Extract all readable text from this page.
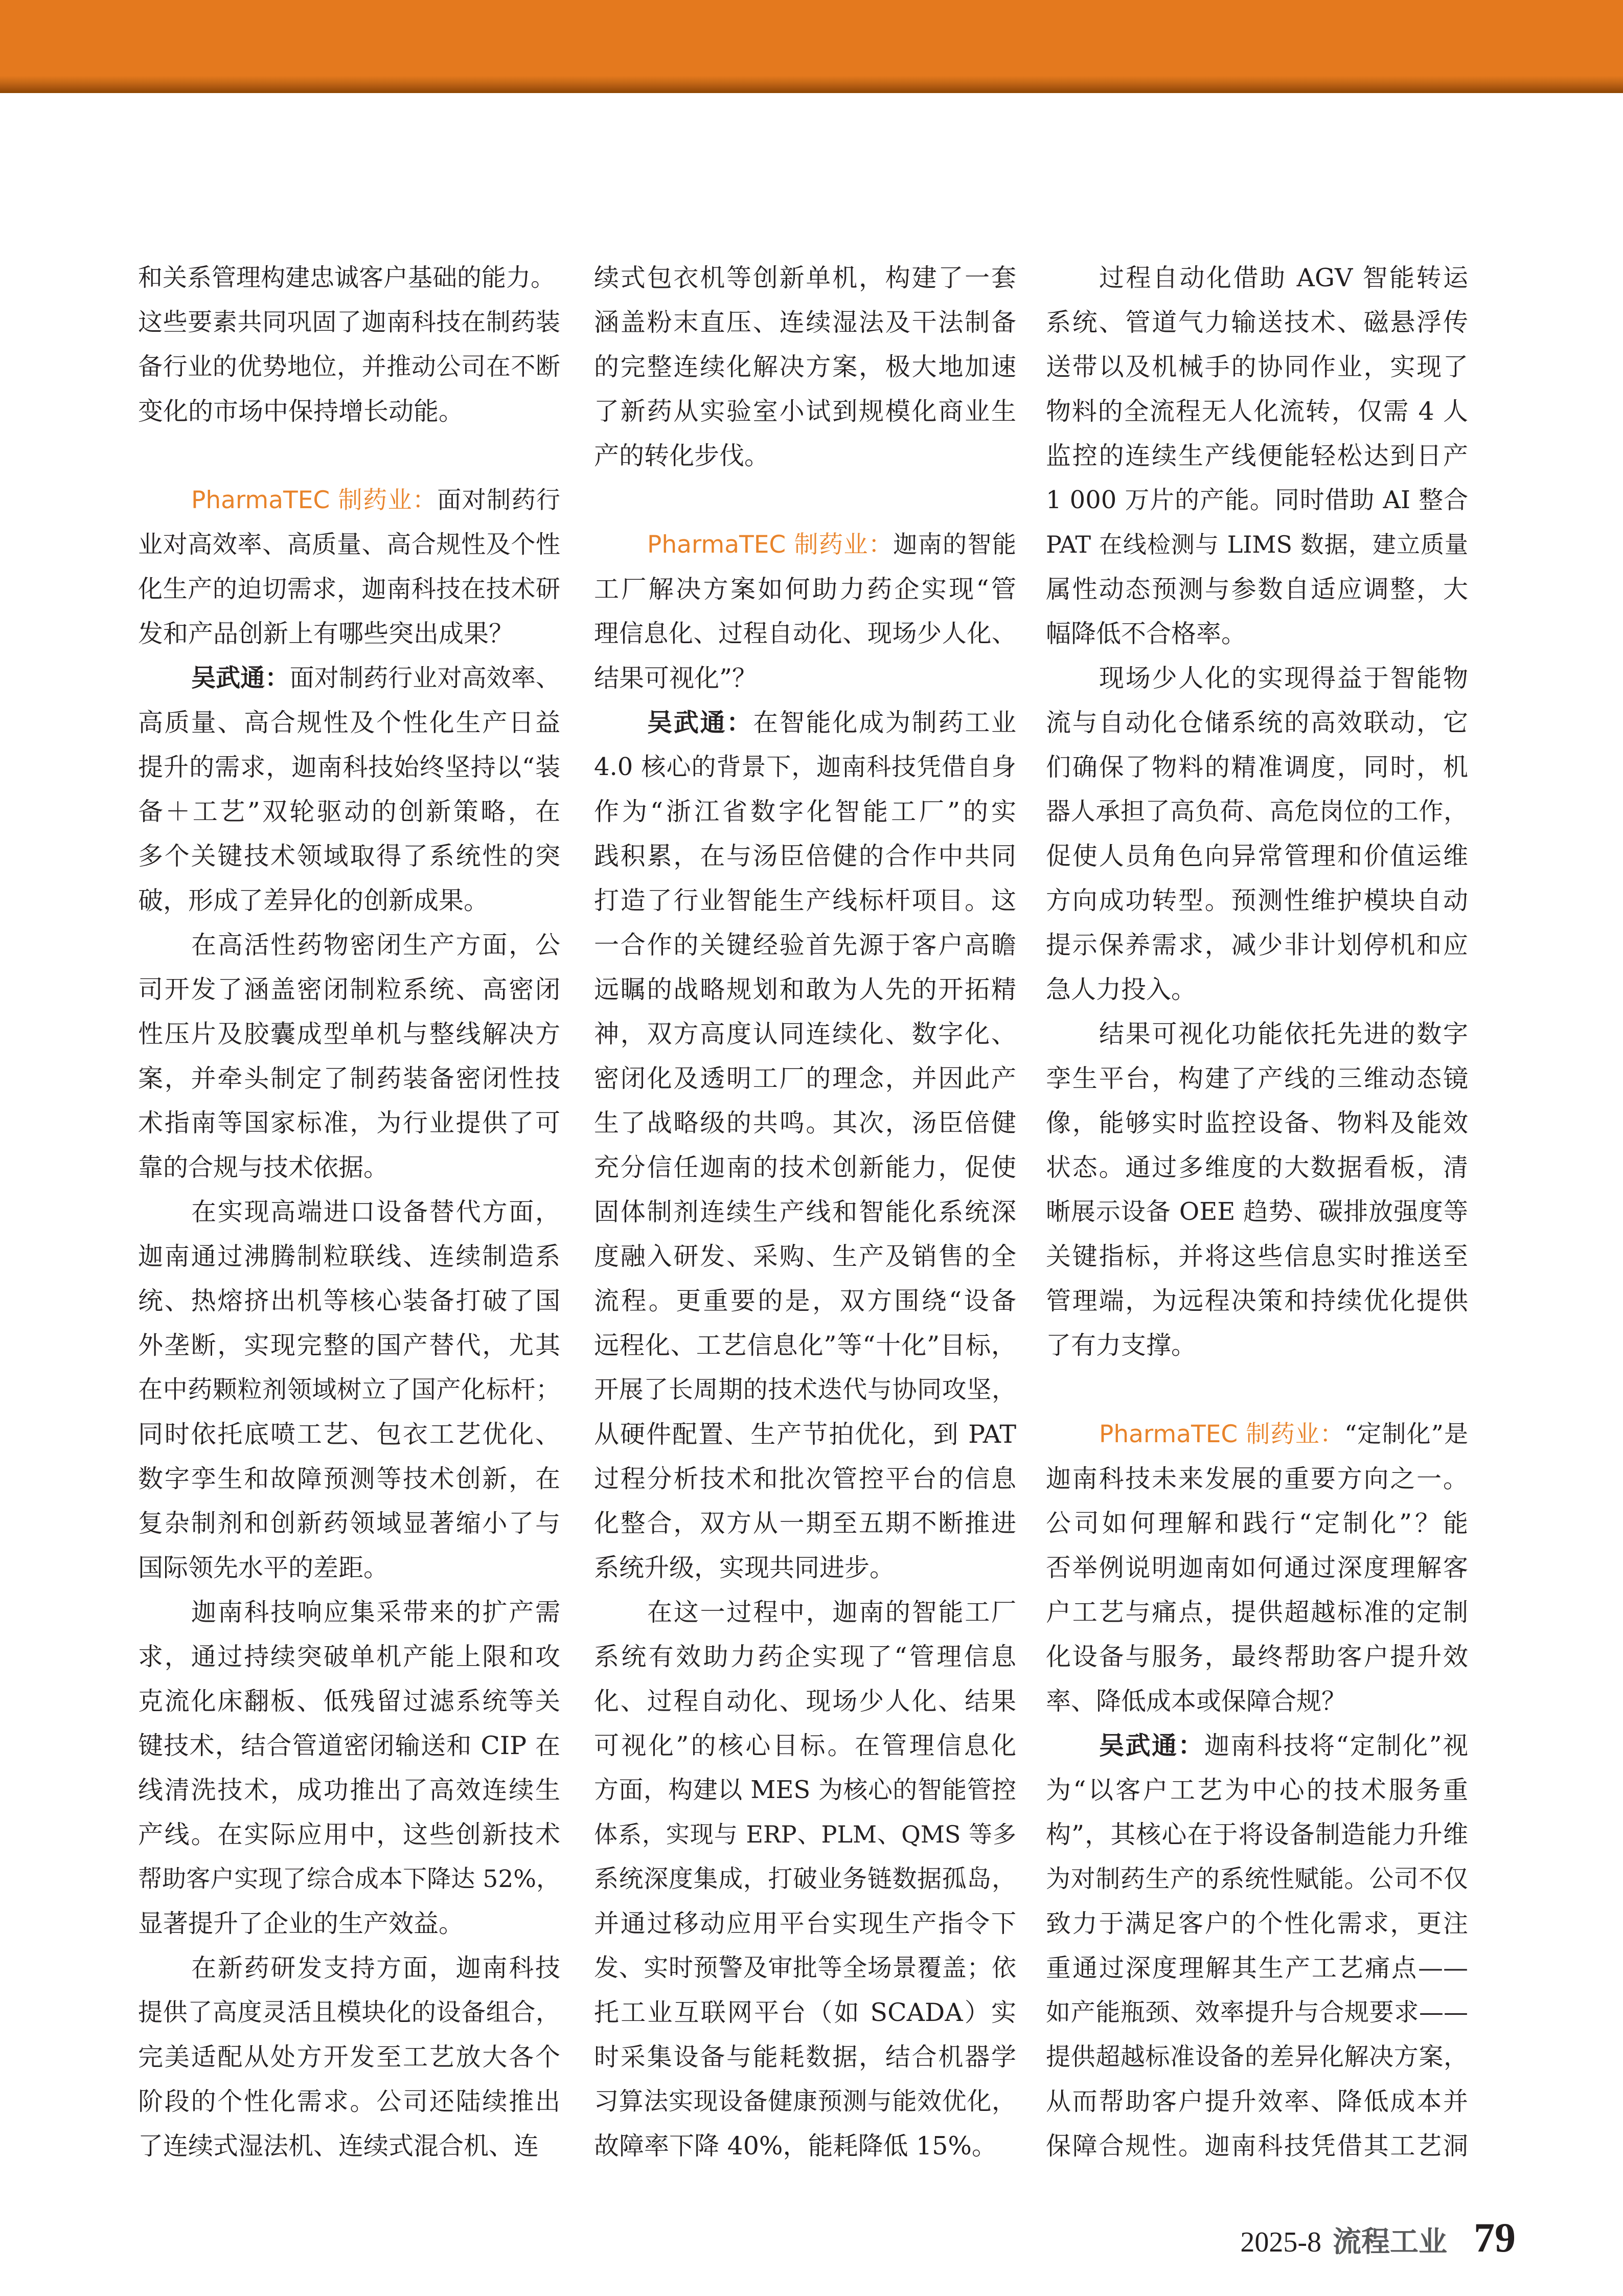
和关系管理构建忠诚客户基础的能力。
这些要素共同巩固了迦南科技在制药装
备行业的优势地位，并推动公司在不断
变化的市场中保持增长动能。
PharmaTEC 制药业：面对制药行
业对高效率、高质量、高合规性及个性
化生产的迫切需求，迦南科技在技术研
发和产品创新上有哪些突出成果？
吴武通：面对制药行业对高效率、
高质量、高合规性及个性化生产日益
提升的需求，迦南科技始终坚持以“装
备＋工艺”双轮驱动的创新策略，在
多个关键技术领域取得了系统性的突
破，形成了差异化的创新成果。
在高活性药物密闭生产方面，公
司开发了涵盖密闭制粒系统、高密闭
性压片及胶囊成型单机与整线解决方
案，并牵头制定了制药装备密闭性技
术指南等国家标准，为行业提供了可
靠的合规与技术依据。
在实现高端进口设备替代方面，
迦南通过沸腾制粒联线、连续制造系
统、热熔挤出机等核心装备打破了国
外垄断，实现完整的国产替代，尤其
在中药颗粒剂领域树立了国产化标杆；
同时依托底喷工艺、包衣工艺优化、
数字孪生和故障预测等技术创新，在
复杂制剂和创新药领域显著缩小了与
国际领先水平的差距。
迦南科技响应集采带来的扩产需
求，通过持续突破单机产能上限和攻
克流化床翻板、低残留过滤系统等关
键技术，结合管道密闭输送和 CIP 在
线清洗技术，成功推出了高效连续生
产线。在实际应用中，这些创新技术
帮助客户实现了综合成本下降达 52%，
显著提升了企业的生产效益。
在新药研发支持方面，迦南科技
提供了高度灵活且模块化的设备组合，
完美适配从处方开发至工艺放大各个
阶段的个性化需求。公司还陆续推出
了连续式湿法机、连续式混合机、连
续式包衣机等创新单机，构建了一套
涵盖粉末直压、连续湿法及干法制备
的完整连续化解决方案，极大地加速
了新药从实验室小试到规模化商业生
产的转化步伐。
PharmaTEC 制药业：迦南的智能
工厂解决方案如何助力药企实现“管
理信息化、过程自动化、现场少人化、
结果可视化”？
吴武通：在智能化成为制药工业
4.0 核心的背景下，迦南科技凭借自身
作为“浙江省数字化智能工厂”的实
践积累，在与汤臣倍健的合作中共同
打造了行业智能生产线标杆项目。这
一合作的关键经验首先源于客户高瞻
远瞩的战略规划和敢为人先的开拓精
神，双方高度认同连续化、数字化、
密闭化及透明工厂的理念，并因此产
生了战略级的共鸣。其次，汤臣倍健
充分信任迦南的技术创新能力，促使
固体制剂连续生产线和智能化系统深
度融入研发、采购、生产及销售的全
流程。更重要的是，双方围绕“设备
远程化、工艺信息化”等“十化”目标，
开展了长周期的技术迭代与协同攻坚，
从硬件配置、生产节拍优化，到 PAT
过程分析技术和批次管控平台的信息
化整合，双方从一期至五期不断推进
系统升级，实现共同进步。
在这一过程中，迦南的智能工厂
系统有效助力药企实现了“管理信息
化、过程自动化、现场少人化、结果
可视化”的核心目标。在管理信息化
方面，构建以 MES 为核心的智能管控
体系，实现与 ERP、PLM、QMS 等多
系统深度集成，打破业务链数据孤岛，
并通过移动应用平台实现生产指令下
发、实时预警及审批等全场景覆盖；依
托工业互联网平台（如 SCADA）实
时采集设备与能耗数据，结合机器学
习算法实现设备健康预测与能效优化，
故障率下降 40%，能耗降低 15%。
过程自动化借助 AGV 智能转运
系统、管道气力输送技术、磁悬浮传
送带以及机械手的协同作业，实现了
物料的全流程无人化流转，仅需 4 人
监控的连续生产线便能轻松达到日产
1 000 万片的产能。同时借助 AI 整合
PAT 在线检测与 LIMS 数据，建立质量
属性动态预测与参数自适应调整，大
幅降低不合格率。
现场少人化的实现得益于智能物
流与自动化仓储系统的高效联动，它
们确保了物料的精准调度，同时，机
器人承担了高负荷、高危岗位的工作，
促使人员角色向异常管理和价值运维
方向成功转型。预测性维护模块自动
提示保养需求，减少非计划停机和应
急人力投入。
结果可视化功能依托先进的数字
孪生平台，构建了产线的三维动态镜
像，能够实时监控设备、物料及能效
状态。通过多维度的大数据看板，清
晰展示设备 OEE 趋势、碳排放强度等
关键指标，并将这些信息实时推送至
管理端，为远程决策和持续优化提供
了有力支撑。
PharmaTEC 制药业：“定制化”是
迦南科技未来发展的重要方向之一。
公司如何理解和践行“定制化”？能
否举例说明迦南如何通过深度理解客
户工艺与痛点，提供超越标准的定制
化设备与服务，最终帮助客户提升效
率、降低成本或保障合规？
吴武通：迦南科技将“定制化”视
为“以客户工艺为中心的技术服务重
构”，其核心在于将设备制造能力升维
为对制药生产的系统性赋能。公司不仅
致力于满足客户的个性化需求，更注
重通过深度理解其生产工艺痛点——
如产能瓶颈、效率提升与合规要求——
提供超越标准设备的差异化解决方案，
从而帮助客户提升效率、降低成本并
保障合规性。迦南科技凭借其工艺洞
2025-8 流程工业 79
